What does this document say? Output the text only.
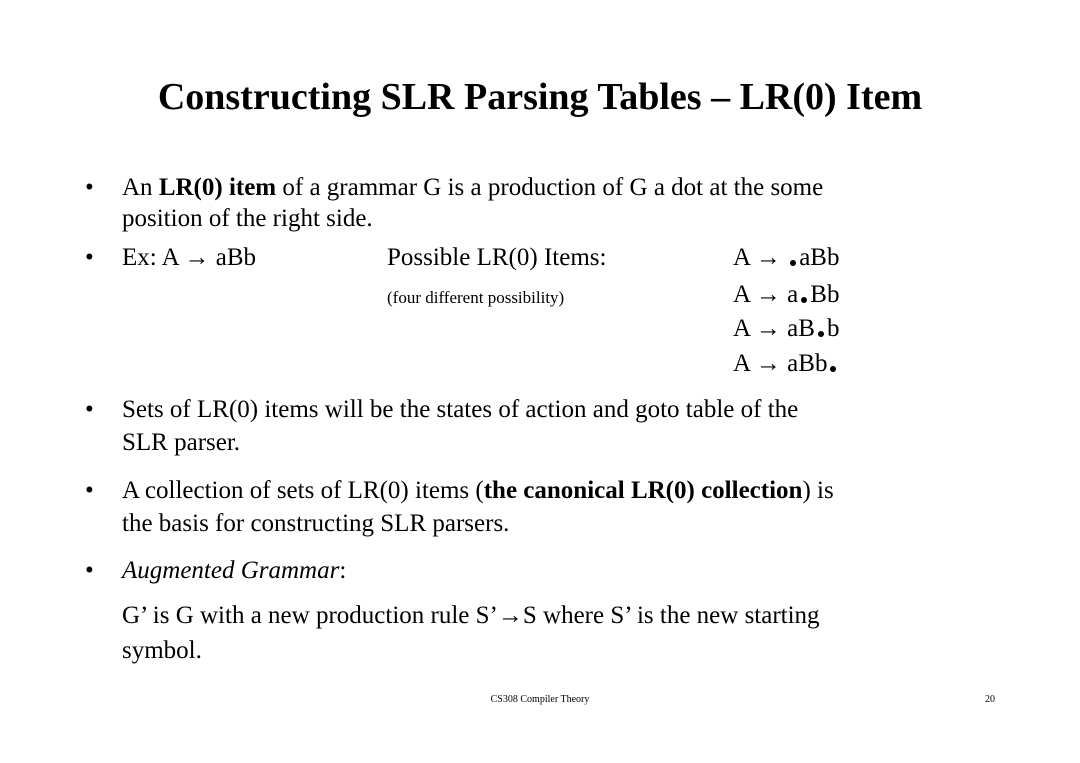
Constructing SLR Parsing Tables – LR(0) Item
• An LR(0) item of a grammar G is a production of G a dot at the some
position of the right side.
• Ex: A → aBb	Possible LR(0) Items:
(four different possibility)
A → aBb
A → a Bb
A → aB b
A → aBb
• Sets of LR(0) items will be the states of action and goto table of the
SLR parser.
• A collection of sets of LR(0) items (the canonical LR(0) collection) is
the basis for constructing SLR parsers.
• Augmented Grammar:
G’ is G with a new production rule S’→S where S’ is the new starting
symbol.
CS308 Compiler Theory	20
